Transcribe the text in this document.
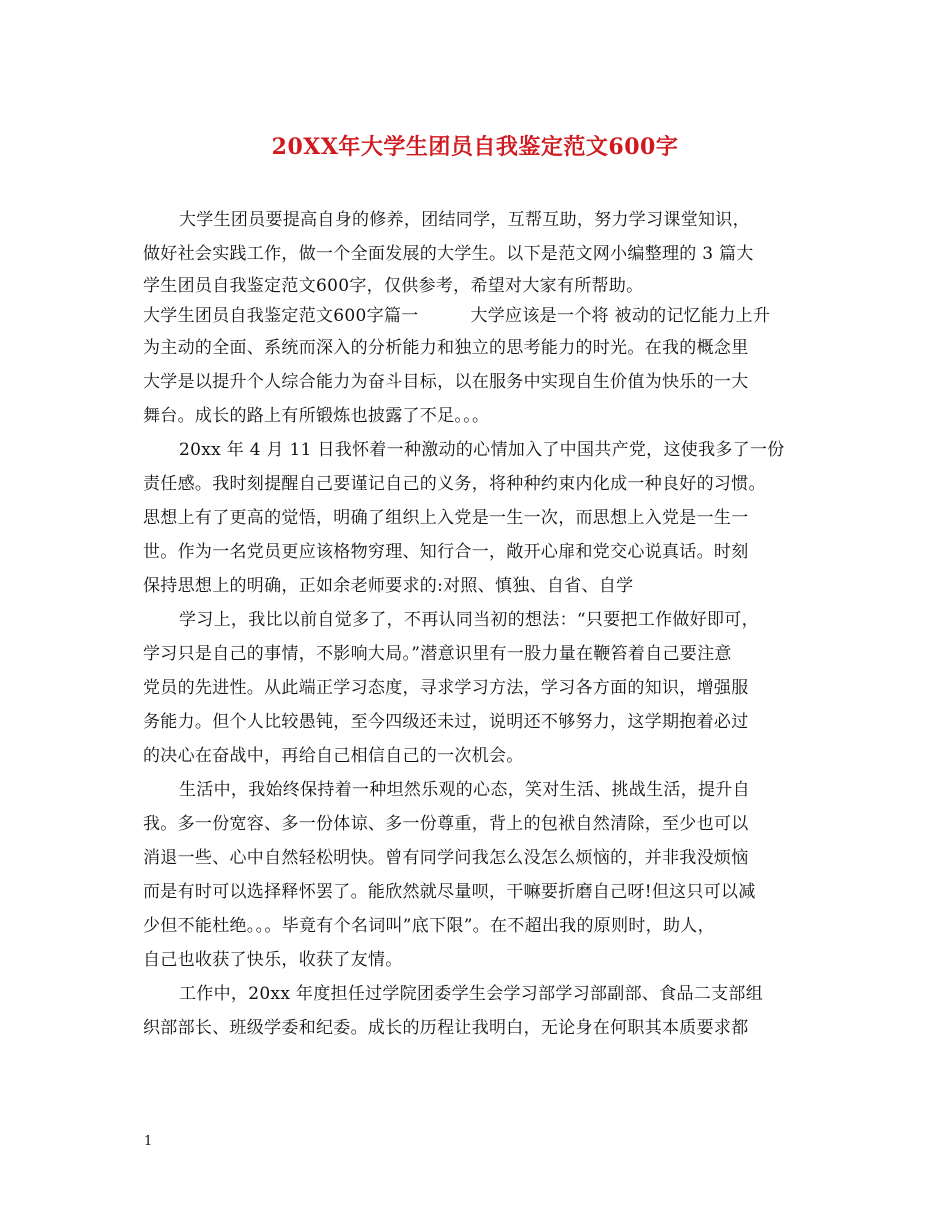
20XX年大学生团员自我鉴定范文600字
大学生团员要提高自身的修养，团结同学，互帮互助，努力学习课堂知识，
做好社会实践工作，做一个全面发展的大学生。以下是范文网小编整理的 3 篇大
学生团员自我鉴定范文600字，仅供参考，希望对大家有所帮助。
大学生团员自我鉴定范文600字篇一　　　大学应该是一个将 被动的记忆能力上升
为主动的全面、系统而深入的分析能力和独立的思考能力的时光。在我的概念里
大学是以提升个人综合能力为奋斗目标，以在服务中实现自生价值为快乐的一大
舞台。成长的路上有所锻炼也披露了不足。。。
20xx 年 4 月 11 日我怀着一种激动的心情加入了中国共产党，这使我多了一份
责任感。我时刻提醒自己要谨记自己的义务，将种种约束内化成一种良好的习惯。
思想上有了更高的觉悟，明确了组织上入党是一生一次，而思想上入党是一生一
世。作为一名党员更应该格物穷理、知行合一，敞开心扉和党交心说真话。时刻
保持思想上的明确，正如余老师要求的:对照、慎独、自省、自学
学习上，我比以前自觉多了，不再认同当初的想法：“只要把工作做好即可，
学习只是自己的事情，不影响大局。”潜意识里有一股力量在鞭笞着自己要注意
党员的先进性。从此端正学习态度，寻求学习方法，学习各方面的知识，增强服
务能力。但个人比较愚钝，至今四级还未过，说明还不够努力，这学期抱着必过
的决心在奋战中，再给自己相信自己的一次机会。
生活中，我始终保持着一种坦然乐观的心态，笑对生活、挑战生活，提升自
我。多一份宽容、多一份体谅、多一份尊重，背上的包袱自然清除，至少也可以
消退一些、心中自然轻松明快。曾有同学问我怎么没怎么烦恼的，并非我没烦恼
而是有时可以选择释怀罢了。能欣然就尽量呗，干嘛要折磨自己呀!但这只可以减
少但不能杜绝。。。毕竟有个名词叫”底下限”。在不超出我的原则时，助人，
自己也收获了快乐，收获了友情。
工作中，20xx 年度担任过学院团委学生会学习部学习部副部、食品二支部组
织部部长、班级学委和纪委。成长的历程让我明白，无论身在何职其本质要求都
1
